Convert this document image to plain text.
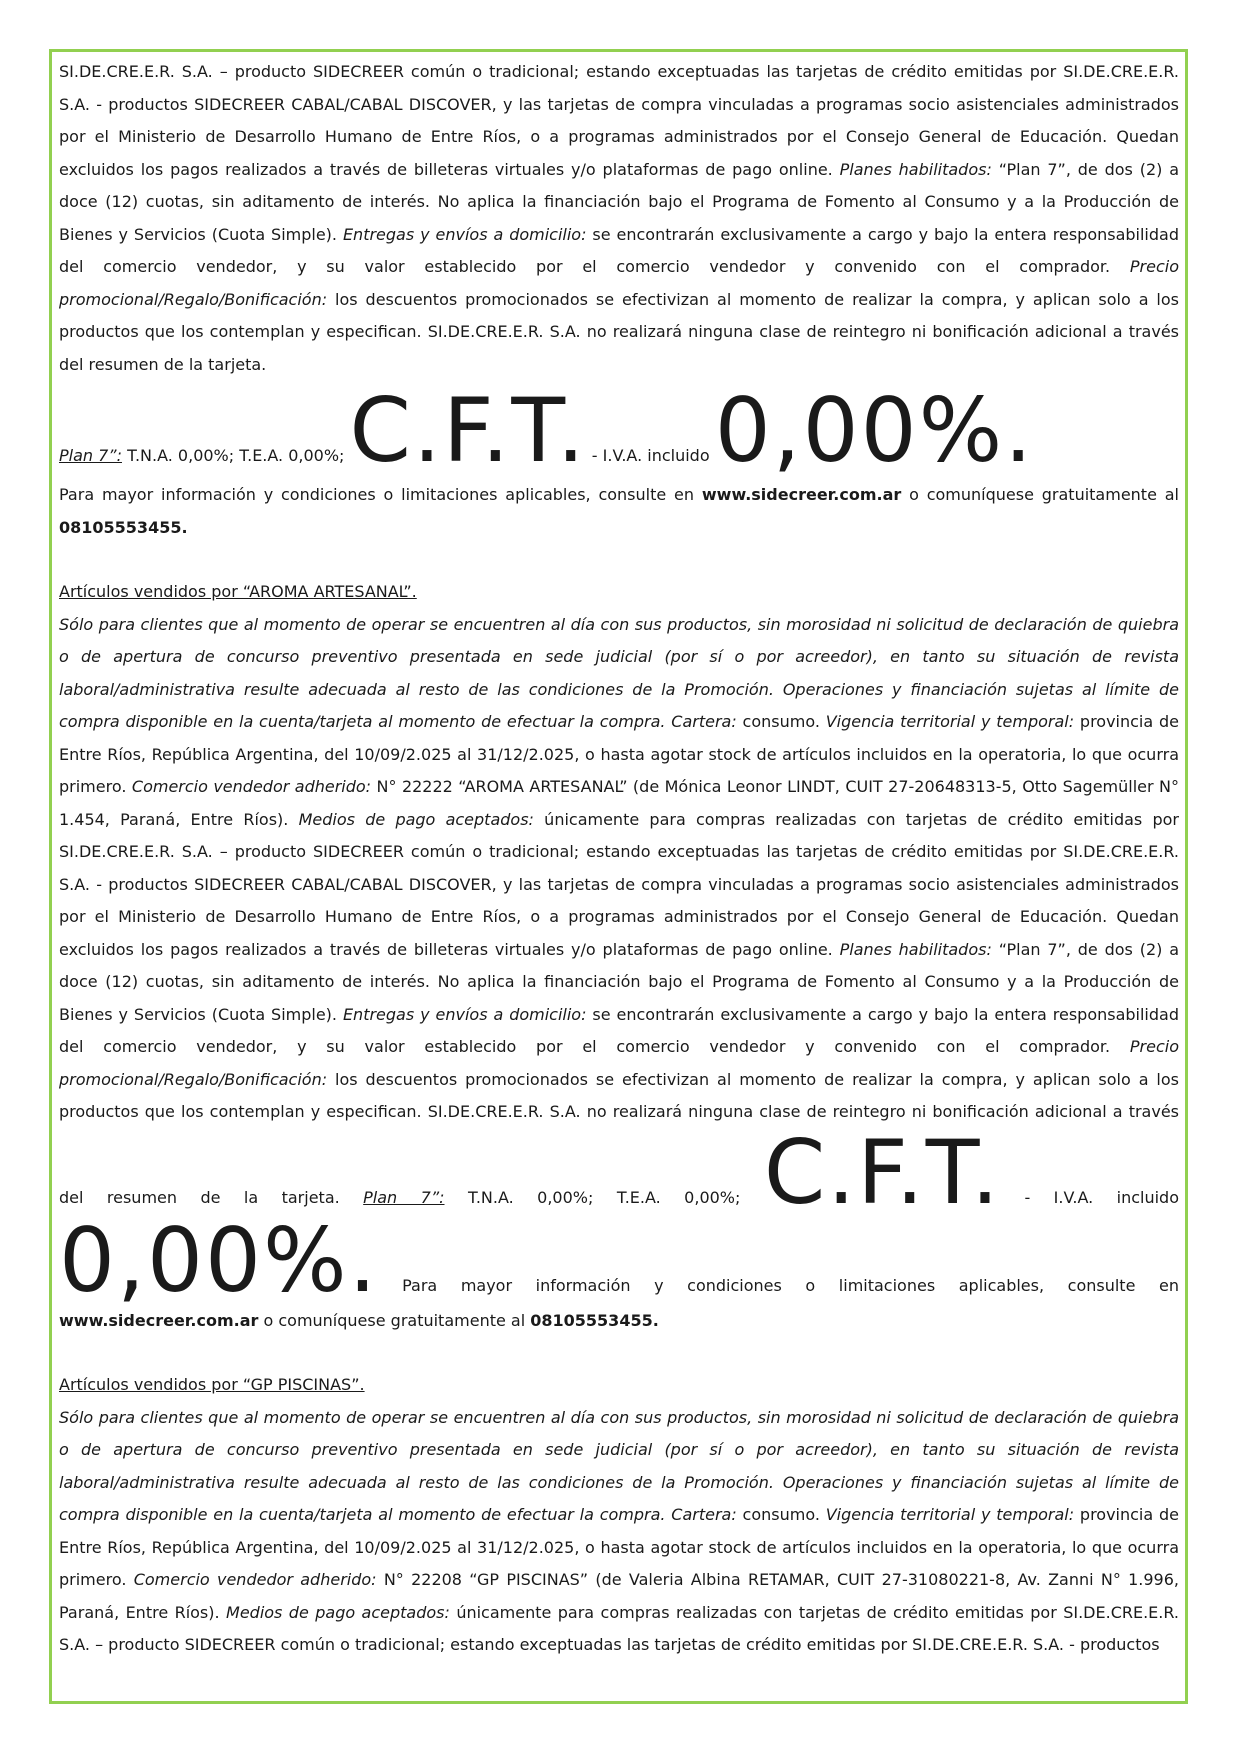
SI.DE.CRE.E.R. S.A. – producto SIDECREER común o tradicional; estando exceptuadas las tarjetas de crédito emitidas por SI.DE.CRE.E.R. S.A. - productos SIDECREER CABAL/CABAL DISCOVER, y las tarjetas de compra vinculadas a programas socio asistenciales administrados por el Ministerio de Desarrollo Humano de Entre Ríos, o a programas administrados por el Consejo General de Educación. Quedan excluidos los pagos realizados a través de billeteras virtuales y/o plataformas de pago online. Planes habilitados: “Plan 7”, de dos (2) a doce (12) cuotas, sin aditamento de interés. No aplica la financiación bajo el Programa de Fomento al Consumo y a la Producción de Bienes y Servicios (Cuota Simple). Entregas y envíos a domicilio: se encontrarán exclusivamente a cargo y bajo la entera responsabilidad del comercio vendedor, y su valor establecido por el comercio vendedor y convenido con el comprador. Precio promocional/Regalo/Bonificación: los descuentos promocionados se efectivizan al momento de realizar la compra, y aplican solo a los productos que los contemplan y especifican. SI.DE.CRE.E.R. S.A. no realizará ninguna clase de reintegro ni bonificación adicional a través del resumen de la tarjeta.

Plan 7”: T.N.A. 0,00%; T.E.A. 0,00%; C.F.T. - I.V.A. incluido 0,00%.

Para mayor información y condiciones o limitaciones aplicables, consulte en www.sidecreer.com.ar o comuníquese gratuitamente al 08105553455.

Artículos vendidos por “AROMA ARTESANAL”.

Sólo para clientes que al momento de operar se encuentren al día con sus productos, sin morosidad ni solicitud de declaración de quiebra o de apertura de concurso preventivo presentada en sede judicial (por sí o por acreedor), en tanto su situación de revista laboral/administrativa resulte adecuada al resto de las condiciones de la Promoción. Operaciones y financiación sujetas al límite de compra disponible en la cuenta/tarjeta al momento de efectuar la compra. Cartera: consumo. Vigencia territorial y temporal: provincia de Entre Ríos, República Argentina, del 10/09/2.025 al 31/12/2.025, o hasta agotar stock de artículos incluidos en la operatoria, lo que ocurra primero. Comercio vendedor adherido: N° 22222 “AROMA ARTESANAL” (de Mónica Leonor LINDT, CUIT 27-20648313-5, Otto Sagemüller N° 1.454, Paraná, Entre Ríos). Medios de pago aceptados: únicamente para compras realizadas con tarjetas de crédito emitidas por SI.DE.CRE.E.R. S.A. – producto SIDECREER común o tradicional; estando exceptuadas las tarjetas de crédito emitidas por SI.DE.CRE.E.R. S.A. - productos SIDECREER CABAL/CABAL DISCOVER, y las tarjetas de compra vinculadas a programas socio asistenciales administrados por el Ministerio de Desarrollo Humano de Entre Ríos, o a programas administrados por el Consejo General de Educación. Quedan excluidos los pagos realizados a través de billeteras virtuales y/o plataformas de pago online. Planes habilitados: “Plan 7”, de dos (2) a doce (12) cuotas, sin aditamento de interés. No aplica la financiación bajo el Programa de Fomento al Consumo y a la Producción de Bienes y Servicios (Cuota Simple). Entregas y envíos a domicilio: se encontrarán exclusivamente a cargo y bajo la entera responsabilidad del comercio vendedor, y su valor establecido por el comercio vendedor y convenido con el comprador. Precio promocional/Regalo/Bonificación: los descuentos promocionados se efectivizan al momento de realizar la compra, y aplican solo a los productos que los contemplan y especifican. SI.DE.CRE.E.R. S.A. no realizará ninguna clase de reintegro ni bonificación adicional a través del resumen de la tarjeta. Plan 7”: T.N.A. 0,00%; T.E.A. 0,00%; C.F.T. - I.V.A. incluido 0,00%. Para mayor información y condiciones o limitaciones aplicables, consulte en www.sidecreer.com.ar o comuníquese gratuitamente al 08105553455.

Artículos vendidos por “GP PISCINAS”.

Sólo para clientes que al momento de operar se encuentren al día con sus productos, sin morosidad ni solicitud de declaración de quiebra o de apertura de concurso preventivo presentada en sede judicial (por sí o por acreedor), en tanto su situación de revista laboral/administrativa resulte adecuada al resto de las condiciones de la Promoción. Operaciones y financiación sujetas al límite de compra disponible en la cuenta/tarjeta al momento de efectuar la compra. Cartera: consumo. Vigencia territorial y temporal: provincia de Entre Ríos, República Argentina, del 10/09/2.025 al 31/12/2.025, o hasta agotar stock de artículos incluidos en la operatoria, lo que ocurra primero. Comercio vendedor adherido: N° 22208 “GP PISCINAS” (de Valeria Albina RETAMAR, CUIT 27-31080221-8, Av. Zanni N° 1.996, Paraná, Entre Ríos). Medios de pago aceptados: únicamente para compras realizadas con tarjetas de crédito emitidas por SI.DE.CRE.E.R. S.A. – producto SIDECREER común o tradicional; estando exceptuadas las tarjetas de crédito emitidas por SI.DE.CRE.E.R. S.A. - productos
